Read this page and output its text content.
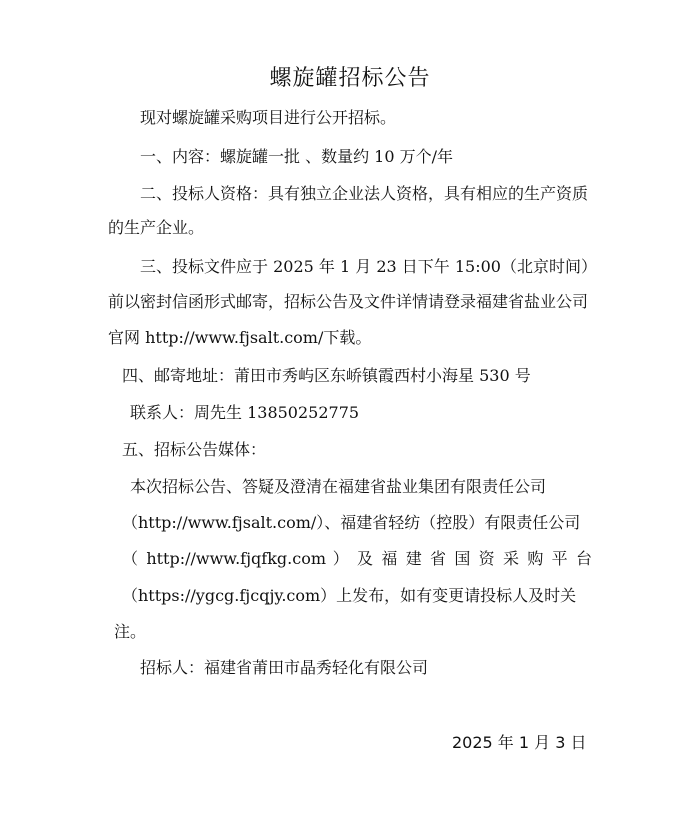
螺旋罐招标公告
现对螺旋罐采购项目进行公开招标。
一、内容：螺旋罐一批 、数量约 10 万个/年
二、投标人资格：具有独立企业法人资格，具有相应的生产资质
的生产企业。
三、投标文件应于 2025 年 1 月 23 日下午 15:00（北京时间）
前以密封信函形式邮寄，招标公告及文件详情请登录福建省盐业公司
官网 http://www.fjsalt.com/下载。
四、邮寄地址：莆田市秀屿区东峤镇霞西村小海星 530 号
联系人：周先生 13850252775
五、招标公告媒体：
本次招标公告、答疑及澄清在福建省盐业集团有限责任公司
（http://www.fjsalt.com/）、福建省轻纺（控股）有限责任公司
（ http://www.fjqfkg.com ） 及 福 建 省 国 资 采 购 平 台
（https://ygcg.fjcqjy.com）上发布，如有变更请投标人及时关
注。
招标人：福建省莆田市晶秀轻化有限公司
2025 年 1 月 3 日
